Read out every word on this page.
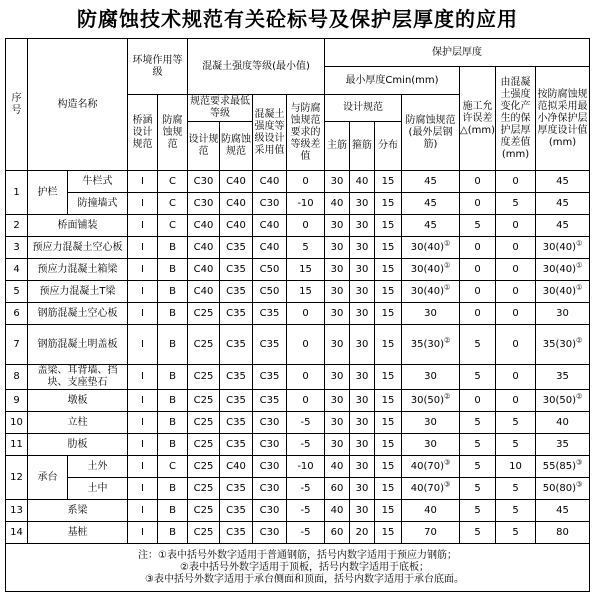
防腐蚀技术规范有关砼标号及保护层厚度的应用
序号	构造名称		环境作用等级		混凝土强度等级(最小值)				保护层厚度						
									最小厚度Cmin(mm)				施工允许误差△(mm)	由混凝土强度变化产生的保护层厚度差值(mm)	按防腐蚀规范拟采用最小净保护层厚度设计值(mm)
			桥涵设计规范	防腐蚀规范	规范要求最低等级		混凝土强度等级设计采用值	与防腐蚀规范要求的等级差值	设计规范			防腐蚀规范(最外层钢筋)			
					设计规范	防腐蚀规范			主筋	箍筋	分布				
1	护栏	牛栏式	I	C	C30	C40	C40	0	30	40	15	45	0	0	45
		防撞墙式	I	C	C30	C40	C30	-10	40	30	15	45	0	5	45
2	桥面铺装		I	C	C40	C40	C40	0	30	30	15	45	5	0	45
3	预应力混凝土空心板		I	B	C40	C35	C40	5	30	30	15	30(40)①	0	0	30(40)①
4	预应力混凝土箱梁		I	B	C40	C35	C50	15	30	30	15	30(40)①	0	0	30(40)①
5	预应力混凝土T梁		I	B	C40	C35	C50	15	30	30	15	30(40)①	0	0	30(40)①
6	钢筋混凝土空心板		I	B	C25	C35	C35	0	30	30	15	30	0	0	30
7	钢筋混凝土明盖板		I	B	C25	C35	C35	0	30	30	15	35(30)②	5	0	35(30)②
8	盖梁、耳背墙、挡块、支座垫石		I	B	C25	C35	C35	0	30	30	15	30	5	0	35
9	墩板		I	B	C25	C35	C35	0	30	30	15	30(50)②	0	0	30(50)②
10	立柱		I	B	C25	C35	C30	-5	30	30	15	30	5	5	40
11	肋板		I	B	C25	C35	C30	-5	30	30	15	30	5	5	35
12	承台	土外	I	C	C25	C40	C30	-10	40	30	15	40(70)③	5	10	55(85)③
		土中	I	B	C25	C35	C30	-5	60	30	15	40(70)③	5	5	50(80)③
13	系梁		I	B	C25	C35	C30	-5	40	30	15	40	5	5	45
14	基桩		I	B	C25	C35	C30	-5	60	20	15	70	5	5	80

注：①表中括号外数字适用于普通钢筋，括号内数字适用于预应力钢筋；
②表中括号外数字适用于顶板，括号内数字适用于底板；
③表中括号外数字适用于承台侧面和顶面，括号内数字适用于承台底面。															
